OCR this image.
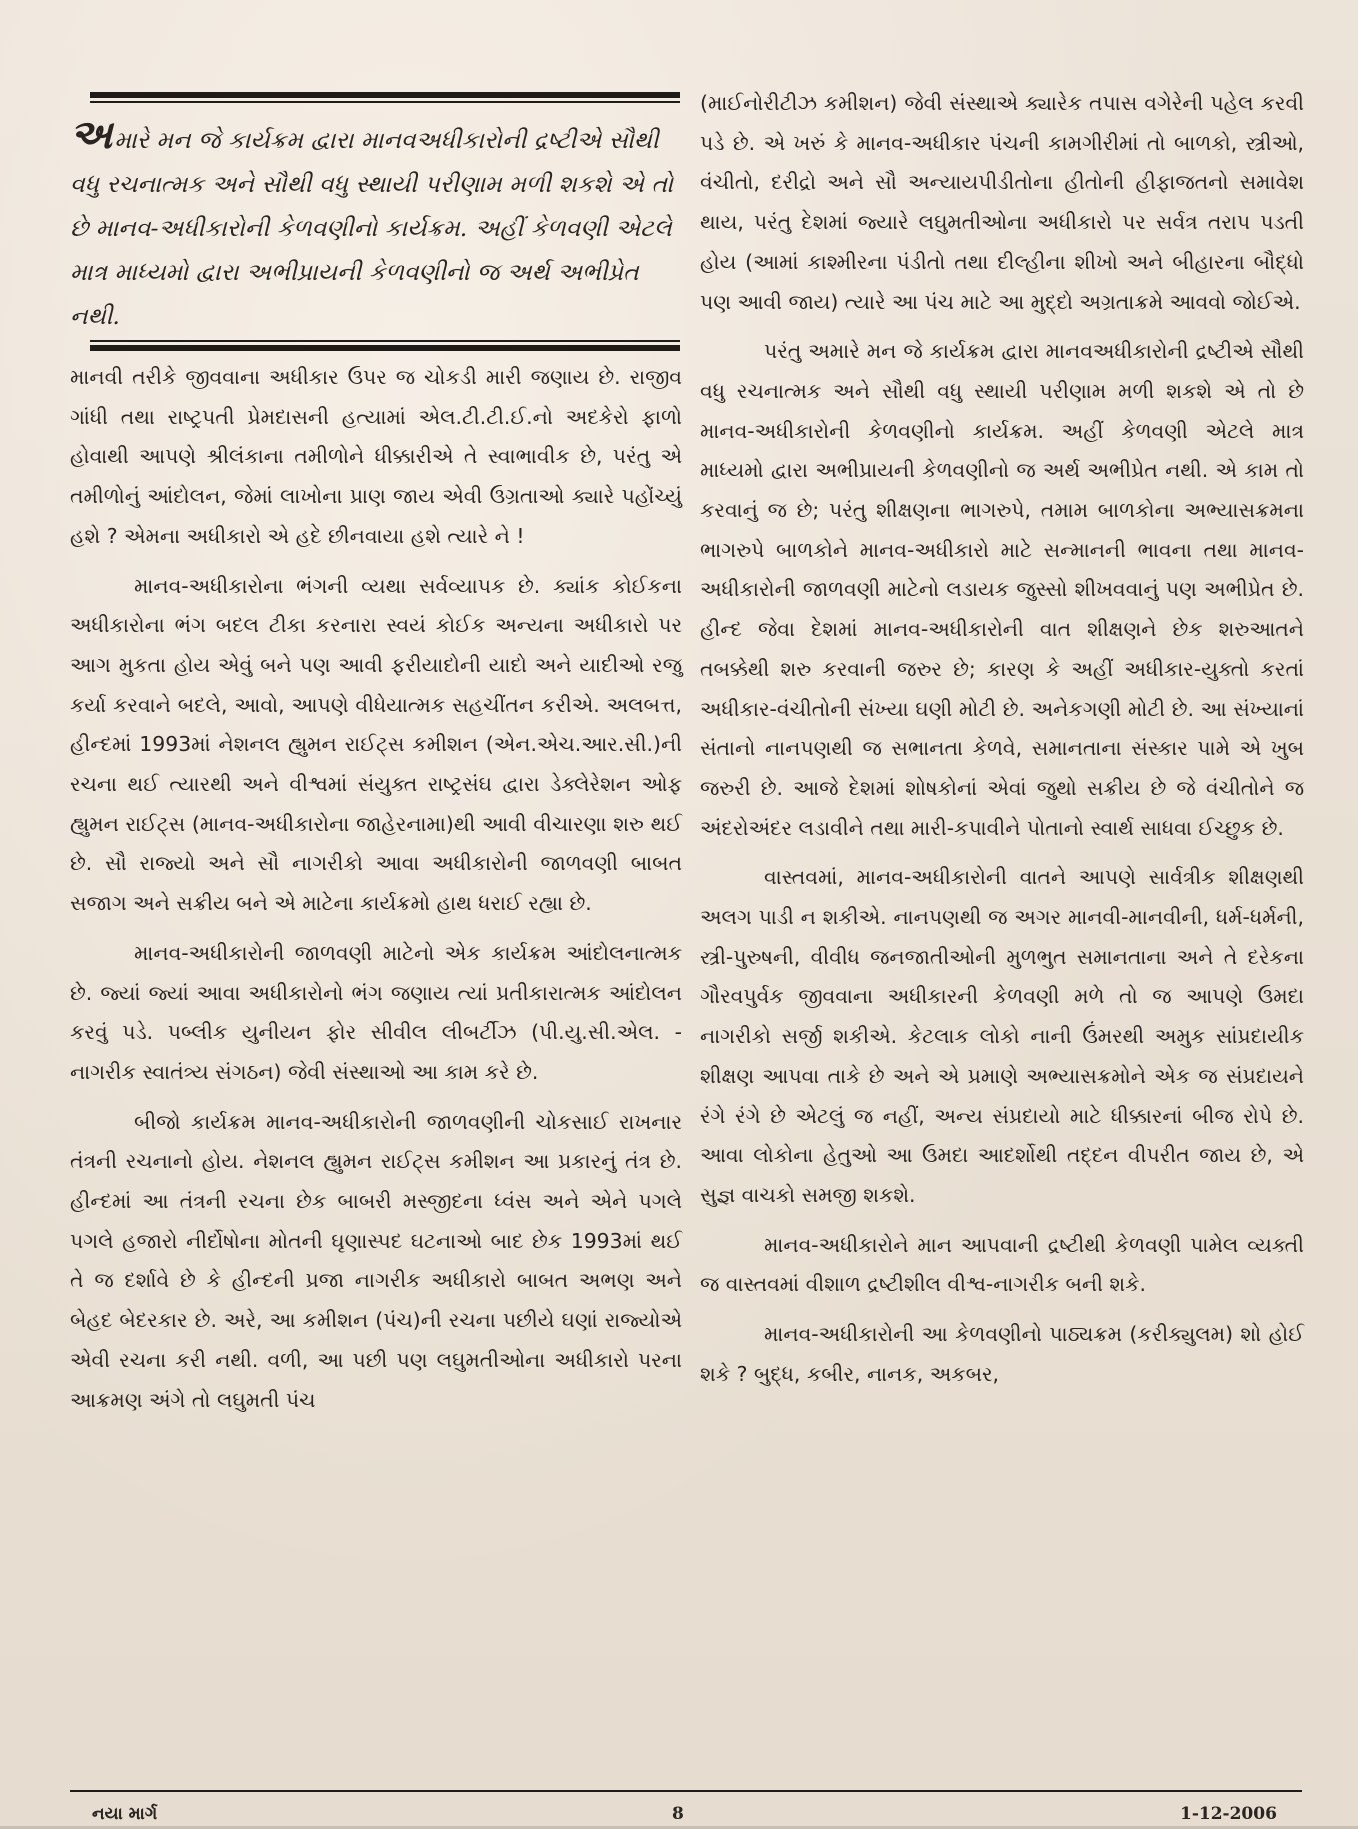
અમારે મન જે કાર્યક્રમ દ્વારા માનવઅધીકારોની દ્રષ્ટીએ સૌથી વધુ રચનાત્મક અને સૌથી વધુ સ્થાયી પરીણામ મળી શકશે એ તો છે માનવ-અધીકારોની કેળવણીનો કાર્યક્રમ. અહીં કેળવણી એટલે માત્ર માધ્યમો દ્વારા અભીપ્રાયની કેળવણીનો જ અર્થ અભીપ્રેત નથી.

માનવી તરીકે જીવવાના અધીકાર ઉપર જ ચોકડી મારી જણાય છે. રાજીવ ગાંધી તથા રાષ્ટ્રપતી પ્રેમદાસની હત્યામાં એલ.ટી.ટી.ઈ.નો અદકેરો ફાળો હોવાથી આપણે શ્રીલંકાના તમીળોને ધીક્કારીએ તે સ્વાભાવીક છે, પરંતુ એ તમીળોનું આંદોલન, જેમાં લાખોના પ્રાણ જાય એવી ઉગ્રતાઓ ક્યારે પહોંચ્યું હશે ? એમના અધીકારો એ હદે છીનવાયા હશે ત્યારે ને !

માનવ-અધીકારોના ભંગની વ્યથા સર્વવ્યાપક છે. ક્યાંક કોઈકના અધીકારોના ભંગ બદલ ટીકા કરનારા સ્વયં કોઈક અન્યના અધીકારો પર આગ મુકતા હોય એવું બને પણ આવી ફરીયાદોની યાદો અને યાદીઓ રજુ કર્યા કરવાને બદલે, આવો, આપણે વીધેયાત્મક સહચીંતન કરીએ. અલબત્ત, હીન્દમાં 1993માં નેશનલ હ્યુમન રાઈટ્સ કમીશન (એન.એચ.આર.સી.)ની રચના થઈ ત્યારથી અને વીશ્વમાં સંયુક્ત રાષ્ટ્રસંઘ દ્વારા ડેક્લેરેશન ઓફ હ્યુમન રાઈટ્સ (માનવ-અધીકારોના જાહેરનામા)થી આવી વીચારણા શરુ થઈ છે. સૌ રાજ્યો અને સૌ નાગરીકો આવા અધીકારોની જાળવણી બાબત સજાગ અને સક્રીય બને એ માટેના કાર્યક્રમો હાથ ધરાઈ રહ્યા છે.

માનવ-અધીકારોની જાળવણી માટેનો એક કાર્યક્રમ આંદોલનાત્મક છે. જ્યાં જ્યાં આવા અધીકારોનો ભંગ જણાય ત્યાં પ્રતીકારાત્મક આંદોલન કરવું પડે. પબ્લીક યુનીયન ફોર સીવીલ લીબર્ટીઝ (પી.યુ.સી.એલ. - નાગરીક સ્વાતંત્ર્ય સંગઠન) જેવી સંસ્થાઓ આ કામ કરે છે.

બીજો કાર્યક્રમ માનવ-અધીકારોની જાળવણીની ચોકસાઈ રાખનાર તંત્રની રચનાનો હોય. નેશનલ હ્યુમન રાઈટ્સ કમીશન આ પ્રકારનું તંત્ર છે. હીન્દમાં આ તંત્રની રચના છેક બાબરી મસ્જીદના ધ્વંસ અને એને પગલે પગલે હજારો નીર્દોષોના મોતની ઘૃણાસ્પદ ઘટનાઓ બાદ છેક 1993માં થઈ તે જ દર્શાવે છે કે હીન્દની પ્રજા નાગરીક અધીકારો બાબત અભણ અને બેહદ બેદરકાર છે. અરે, આ કમીશન (પંચ)ની રચના પછીયે ઘણાં રાજ્યોએ એવી રચના કરી નથી. વળી, આ પછી પણ લઘુમતીઓના અધીકારો પરના આક્રમણ અંગે તો લઘુમતી પંચ

(માઈનોરીટીઝ કમીશન) જેવી સંસ્થાએ ક્યારેક તપાસ વગેરેની પહેલ કરવી પડે છે. એ ખરું કે માનવ-અધીકાર પંચની કામગીરીમાં તો બાળકો, સ્ત્રીઓ, વંચીતો, દરીદ્રો અને સૌ અન્યાયપીડીતોના હીતોની હીફાજતનો સમાવેશ થાય, પરંતુ દેશમાં જ્યારે લઘુમતીઓના અધીકારો પર સર્વત્ર તરાપ પડતી હોય (આમાં કાશ્મીરના પંડીતો તથા દીલ્હીના શીખો અને બીહારના બૌદ્ધો પણ આવી જાય) ત્યારે આ પંચ માટે આ મુદ્દો અગ્રતાક્રમે આવવો જોઈએ.

પરંતુ અમારે મન જે કાર્યક્રમ દ્વારા માનવઅધીકારોની દ્રષ્ટીએ સૌથી વધુ રચનાત્મક અને સૌથી વધુ સ્થાયી પરીણામ મળી શકશે એ તો છે માનવ-અધીકારોની કેળવણીનો કાર્યક્રમ. અહીં કેળવણી એટલે માત્ર માધ્યમો દ્વારા અભીપ્રાયની કેળવણીનો જ અર્થ અભીપ્રેત નથી. એ કામ તો કરવાનું જ છે; પરંતુ શીક્ષણના ભાગરુપે, તમામ બાળકોના અભ્યાસક્રમના ભાગરુપે બાળકોને માનવ-અધીકારો માટે સન્માનની ભાવના તથા માનવ-અધીકારોની જાળવણી માટેનો લડાયક જુસ્સો શીખવવાનું પણ અભીપ્રેત છે. હીન્દ જેવા દેશમાં માનવ-અધીકારોની વાત શીક્ષણને છેક શરુઆતને તબક્કેથી શરુ કરવાની જરુર છે; કારણ કે અહીં અધીકાર-યુક્તો કરતાં અધીકાર-વંચીતોની સંખ્યા ઘણી મોટી છે. અનેકગણી મોટી છે. આ સંખ્યાનાં સંતાનો નાનપણથી જ સભાનતા કેળવે, સમાનતાના સંસ્કાર પામે એ ખુબ જરુરી છે. આજે દેશમાં શોષકોનાં એવાં જુથો સક્રીય છે જે વંચીતોને જ અંદરોઅંદર લડાવીને તથા મારી-કપાવીને પોતાનો સ્વાર્થ સાધવા ઈચ્છુક છે.

વાસ્તવમાં, માનવ-અધીકારોની વાતને આપણે સાર્વત્રીક શીક્ષણથી અલગ પાડી ન શકીએ. નાનપણથી જ અગર માનવી-માનવીની, ધર્મ-ધર્મની, સ્ત્રી-પુરુષની, વીવીધ જનજાતીઓની મુળભુત સમાનતાના અને તે દરેકના ગૌરવપુર્વક જીવવાના અધીકારની કેળવણી મળે તો જ આપણે ઉમદા નાગરીકો સર્જી શકીએ. કેટલાક લોકો નાની ઉંમરથી અમુક સાંપ્રદાયીક શીક્ષણ આપવા તાકે છે અને એ પ્રમાણે અભ્યાસક્રમોને એક જ સંપ્રદાયને રંગે રંગે છે એટલું જ નહીં, અન્ય સંપ્રદાયો માટે ધીક્કારનાં બીજ રોપે છે. આવા લોકોના હેતુઓ આ ઉમદા આદર્શોથી તદ્દન વીપરીત જાય છે, એ સુજ્ઞ વાચકો સમજી શકશે.

માનવ-અધીકારોને માન આપવાની દ્રષ્ટીથી કેળવણી પામેલ વ્યક્તી જ વાસ્તવમાં વીશાળ દ્રષ્ટીશીલ વીશ્વ-નાગરીક બની શકે.

માનવ-અધીકારોની આ કેળવણીનો પાઠ્યક્રમ (કરીક્યુલમ) શો હોઈ શકે ? બુદ્ધ, કબીર, નાનક, અકબર,

નયા માર્ગ	8	1-12-2006
